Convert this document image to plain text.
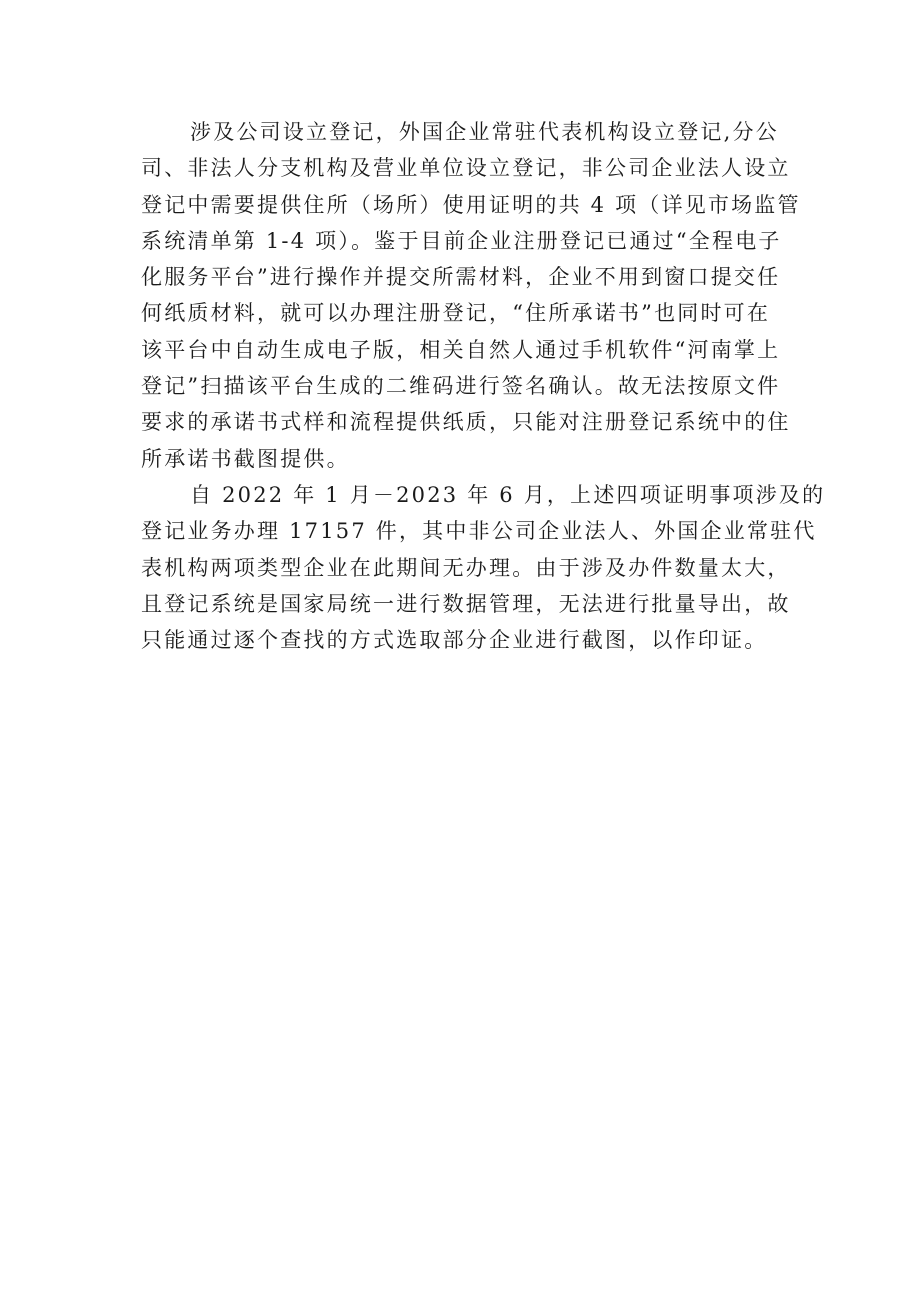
涉及公司设立登记，外国企业常驻代表机构设立登记,分公
司、非法人分支机构及营业单位设立登记，非公司企业法人设立
登记中需要提供住所（场所）使用证明的共 4 项（详见市场监管
系统清单第 1-4 项）。鉴于目前企业注册登记已通过“全程电子
化服务平台”进行操作并提交所需材料，企业不用到窗口提交任
何纸质材料，就可以办理注册登记，“住所承诺书”也同时可在
该平台中自动生成电子版，相关自然人通过手机软件“河南掌上
登记”扫描该平台生成的二维码进行签名确认。故无法按原文件
要求的承诺书式样和流程提供纸质，只能对注册登记系统中的住
所承诺书截图提供。

自 2022 年 1 月－2023 年 6 月，上述四项证明事项涉及的
登记业务办理 17157 件，其中非公司企业法人、外国企业常驻代
表机构两项类型企业在此期间无办理。由于涉及办件数量太大，
且登记系统是国家局统一进行数据管理，无法进行批量导出，故
只能通过逐个查找的方式选取部分企业进行截图，以作印证。
